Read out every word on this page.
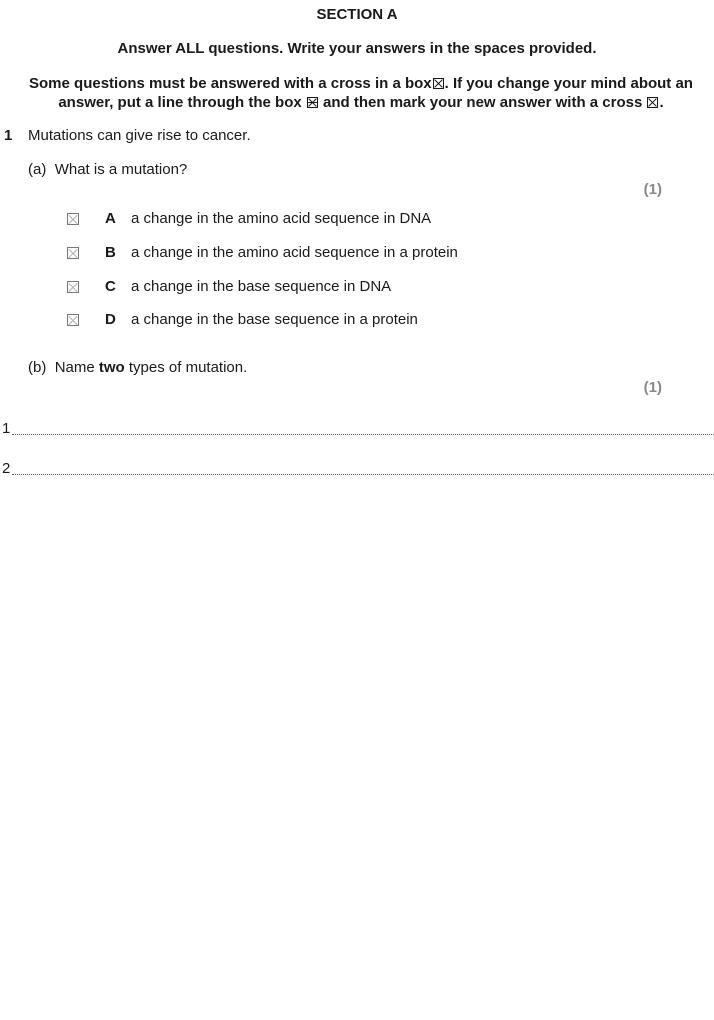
SECTION A
Answer ALL questions. Write your answers in the spaces provided.
Some questions must be answered with a cross in a box☒. If you change your mind about an answer, put a line through the box and then mark your new answer with a cross ☒.
1 Mutations can give rise to cancer.
(a) What is a mutation?
(1)
A a change in the amino acid sequence in DNA
B a change in the amino acid sequence in a protein
C a change in the base sequence in DNA
D a change in the base sequence in a protein
(b) Name two types of mutation.
(1)
1
2
